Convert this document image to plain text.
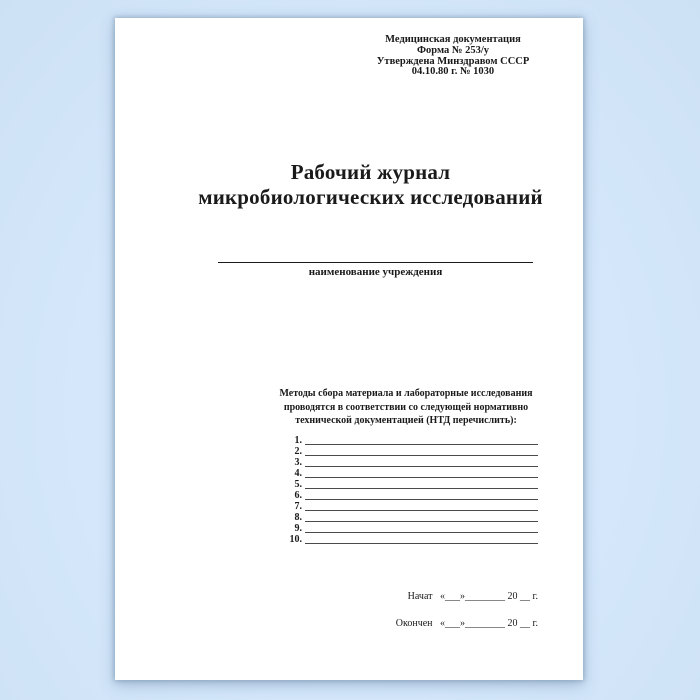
Медицинская документация
Форма № 253/у
Утверждена Минздравом СССР
04.10.80 г. № 1030
Рабочий журнал
микробиологических исследований
наименование учреждения
Методы сбора материала и лабораторные исследования
проводятся в соответствии со следующей нормативно
технической документацией (НТД перечислить):
1.
2.
3.
4.
5.
6.
7.
8.
9.
10.
Начат «___»________ 20 __ г.
Окончен «___»________ 20 __ г.
